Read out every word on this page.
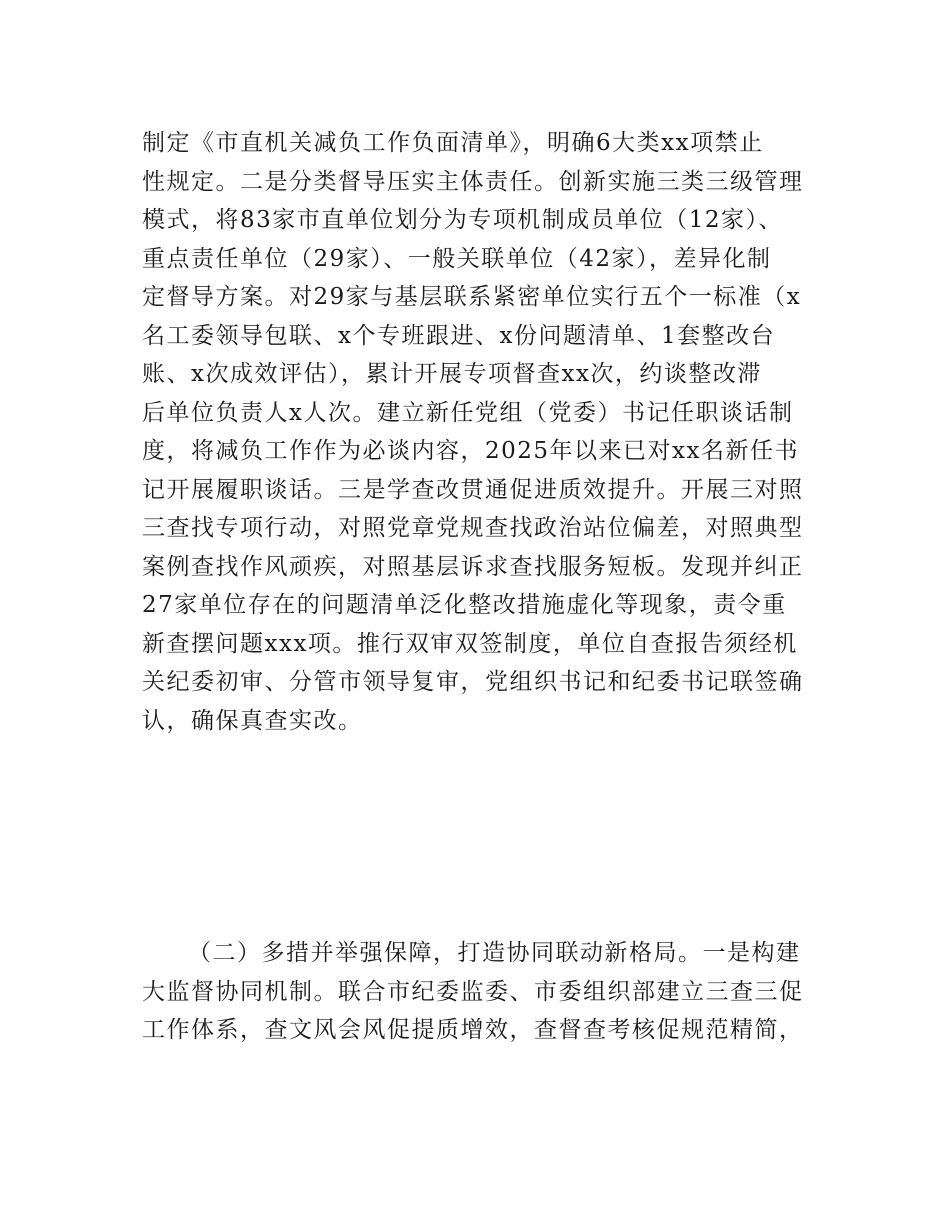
制定《市直机关减负工作负面清单》，明确6大类xx项禁止
性规定。二是分类督导压实主体责任。创新实施三类三级管理
模式，将83家市直单位划分为专项机制成员单位（12家）、
重点责任单位（29家）、一般关联单位（42家），差异化制
定督导方案。对29家与基层联系紧密单位实行五个一标准（x
名工委领导包联、x个专班跟进、x份问题清单、1套整改台
账、x次成效评估），累计开展专项督查xx次，约谈整改滞
后单位负责人x人次。建立新任党组（党委）书记任职谈话制
度，将减负工作作为必谈内容，2025年以来已对xx名新任书
记开展履职谈话。三是学查改贯通促进质效提升。开展三对照
三查找专项行动，对照党章党规查找政治站位偏差，对照典型
案例查找作风顽疾，对照基层诉求查找服务短板。发现并纠正
27家单位存在的问题清单泛化整改措施虚化等现象，责令重
新查摆问题xxx项。推行双审双签制度，单位自查报告须经机
关纪委初审、分管市领导复审，党组织书记和纪委书记联签确
认，确保真查实改。
（二）多措并举强保障，打造协同联动新格局。一是构建
大监督协同机制。联合市纪委监委、市委组织部建立三查三促
工作体系，查文风会风促提质增效，查督查考核促规范精简，
